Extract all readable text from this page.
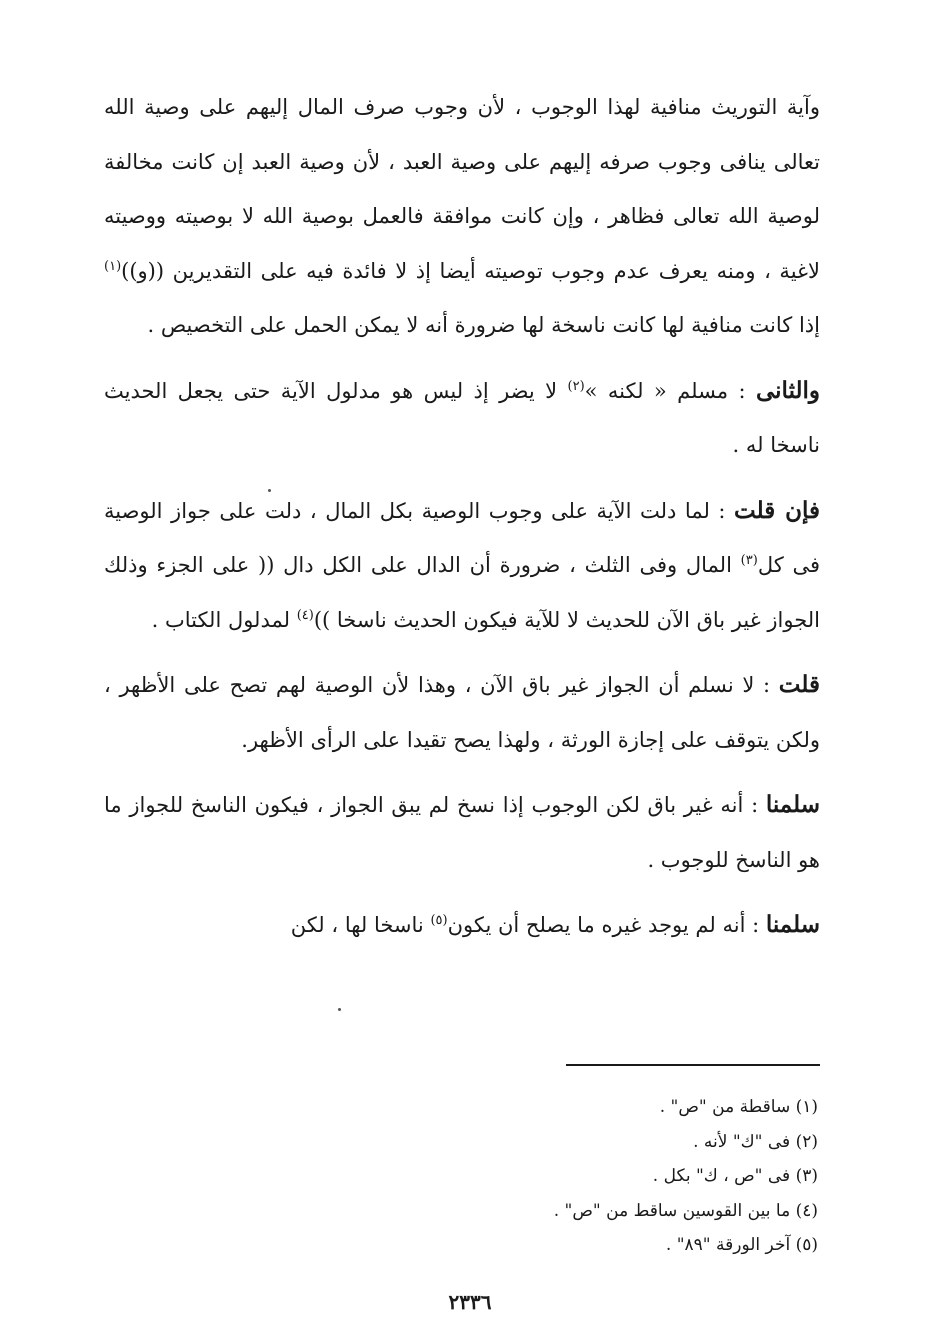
وآية التوريث منافية لهذا الوجوب ، لأن وجوب صرف المال إليهم على وصية الله تعالى ينافى وجوب صرفه إليهم على وصية العبد ، لأن وصية العبد إن كانت مخالفة لوصية الله تعالى فظاهر ، وإن كانت موافقة فالعمل بوصية الله لا بوصيته ووصيته لاغية ، ومنه يعرف عدم وجوب توصيته أيضا إذ لا فائدة فيه على التقديرين ((و))$^{(١)}$ إذا كانت منافية لها كانت ناسخة لها ضرورة أنه لا يمكن الحمل على التخصيص .

والثانى : مسلم « لكنه »$^{(٢)}$ لا يضر إذ ليس هو مدلول الآية حتى يجعل الحديث ناسخا له .

فإن قلت : لما دلت الآية على وجوب الوصية بكل المال ، دلت على جواز الوصية فى كل$^{(٣)}$ المال وفى الثلث ، ضرورة أن الدال على الكل دال (( على الجزء وذلك الجواز غير باق الآن للحديث لا للآية فيكون الحديث ناسخا ))$^{(٤)}$ لمدلول الكتاب .

قلت : لا نسلم أن الجواز غير باق الآن ، وهذا لأن الوصية لهم تصح على الأظهر ، ولكن يتوقف على إجازة الورثة ، ولهذا يصح تقيدا على الرأى الأظهر.

سلمنا : أنه غير باق لكن الوجوب إذا نسخ لم يبق الجواز ، فيكون الناسخ للجواز ما هو الناسخ للوجوب .

سلمنا : أنه لم يوجد غيره ما يصلح أن يكون$^{(٥)}$ ناسخا لها ، لكن

(١) ساقطة من "ص" .

(٢) فى "ك" لأنه .

(٣) فى "ص ، ك" بكل .

(٤) ما بين القوسين ساقط من "ص" .

(٥) آخر الورقة "٨٩" .

٢٣٣٦
